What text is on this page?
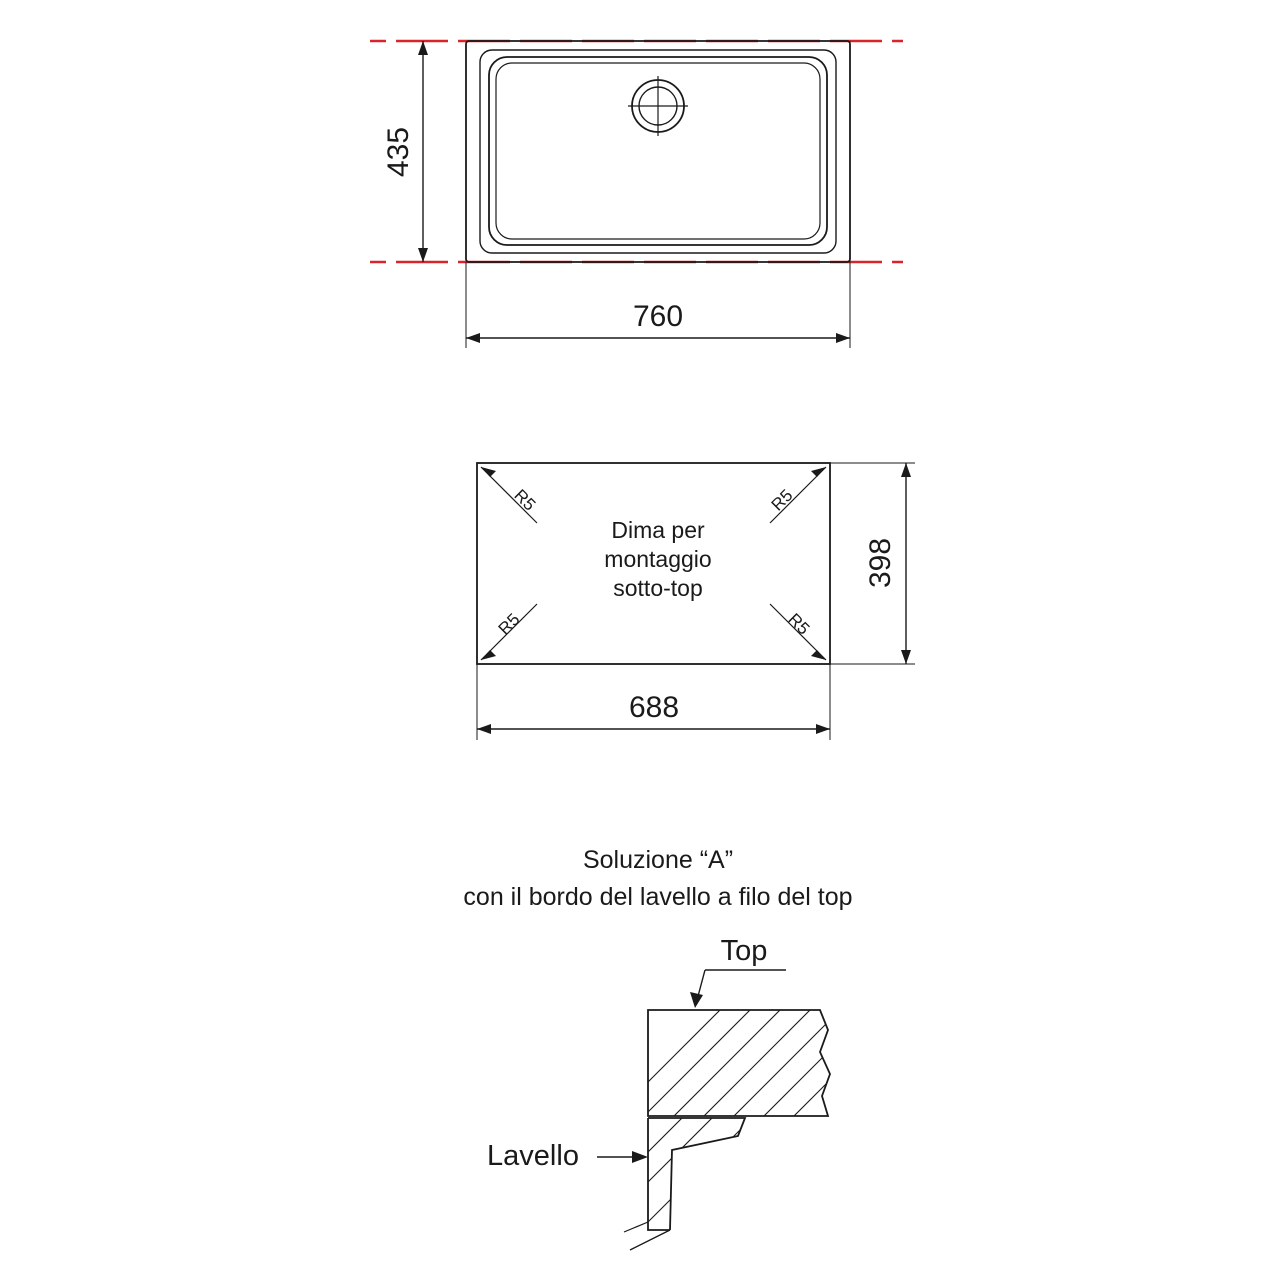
435
760
R5	R5
R5	R5
Dima per
montaggio
sotto-top	398
688
Soluzione “A”
con il bordo del lavello a filo del top
Top
Lavello
